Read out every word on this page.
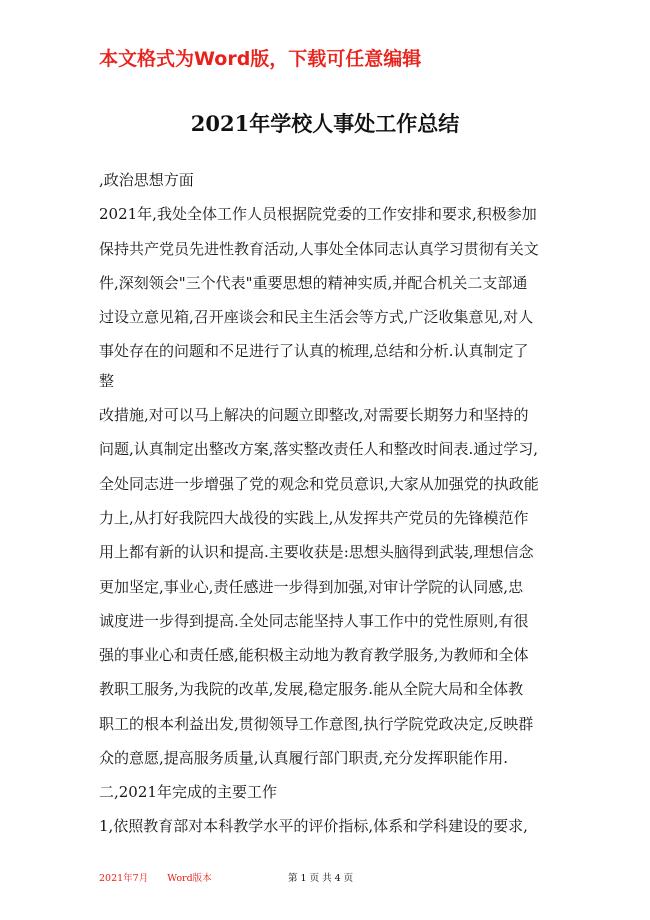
本文格式为Word版，下载可任意编辑
2021年学校人事处工作总结
,政治思想方面
2021年,我处全体工作人员根据院党委的工作安排和要求,积极参加
保持共产党员先进性教育活动,人事处全体同志认真学习贯彻有关文
件,深刻领会"三个代表"重要思想的精神实质,并配合机关二支部通
过设立意见箱,召开座谈会和民主生活会等方式,广泛收集意见,对人
事处存在的问题和不足进行了认真的梳理,总结和分析.认真制定了
整
改措施,对可以马上解决的问题立即整改,对需要长期努力和坚持的
问题,认真制定出整改方案,落实整改责任人和整改时间表.通过学习,
全处同志进一步增强了党的观念和党员意识,大家从加强党的执政能
力上,从打好我院四大战役的实践上,从发挥共产党员的先锋模范作
用上都有新的认识和提高.主要收获是:思想头脑得到武装,理想信念
更加坚定,事业心,责任感进一步得到加强,对审计学院的认同感,忠
诚度进一步得到提高.全处同志能坚持人事工作中的党性原则,有很
强的事业心和责任感,能积极主动地为教育教学服务,为教师和全体
教职工服务,为我院的改革,发展,稳定服务.能从全院大局和全体教
职工的根本利益出发,贯彻领导工作意图,执行学院党政决定,反映群
众的意愿,提高服务质量,认真履行部门职责,充分发挥职能作用.
二,2021年完成的主要工作
1,依照教育部对本科教学水平的评价指标,体系和学科建设的要求,
2021年7月　　Word版本	第 1 页 共 4 页
